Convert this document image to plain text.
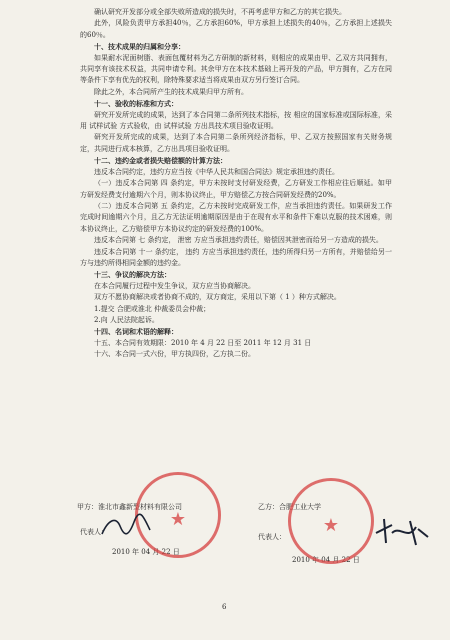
确认研究开发部分或全部失败所造成的损失时，不再考虑甲方和乙方的其它损失。

此外，风险负责甲方承担40％，乙方承担60%，甲方承担上述损失的40％，乙方承担上述损失的60％。

十、技术成果的归属和分享：

如果耐水泥面树脂、表面包覆材料为乙方研制的新材料，则相应的成果由甲、乙双方共同拥有，共同享有该技术权益，共同申请专利。其余甲方在本技术基础上再开发的产品，甲方拥有，乙方在同等条件下享有优先的权利，除特殊要求适当将成果由双方另行签订合同。

除此之外，本合同所产生的技术成果归甲方所有。

十一、验收的标准和方式：

研究开发所完成的成果，达到了本合同第二条所列技术指标，按 相应的国家标准或国际标准，采用 试样试验 方式验收，由 试样试验 方出具技术项目验收证明。

研究开发所完成的成果，达到了本合同第二条所列经济指标，甲、乙双方按照国家有关财务规定，共同进行成本核算，乙方出具项目验收证明。

十二、违约金或者损失赔偿额的计算方法：

违反本合同约定，违约方应当按《中华人民共和国合同法》规定承担违约责任。

（一）违反本合同第 四 条约定，甲方未按时支付研发经费，乙方研发工作相应往后顺延。如甲方研发经费支付逾期六个月，则本协议终止，甲方赔偿乙方按合同研发经费的20%。

（二）违反本合同第 五 条约定，乙方未按时完成研发工作，应当承担违约责任。如果研发工作完成时间逾期六个月，且乙方无法证明逾期原因是由于在现有水平和条件下难以克服的技术困难，则本协议终止，乙方赔偿甲方本协议约定的研发经费的100%。

违反本合同第 七 条约定， 泄密 方应当承担违约责任，赔偿因其泄密而给另一方造成的损失。

违反本合同第 十一 条约定， 违约 方应当承担违约责任，违约所得归另一方所有，并赔偿给另一方与违约所得相同金额的违约金。

十三、争议的解决方法：

在本合同履行过程中发生争议，双方应当协商解决。

双方不愿协商解决或者协商不成的，双方商定，采用以下第（ 1 ）种方式解决。

1.提交 合肥或淮北 仲裁委员会仲裁；

2.向 人民法院起诉。

十四、名词和术语的解释：

十五、本合同有效期限：2010 年 4 月 22 日至 2011 年 12 月 31 日

十六、本合同一式六份，甲方执四份，乙方执二份。

甲方：淮北市鑫新型材料有限公司	乙方：合肥工业大学
代表人：
代表人：
2010 年 04 月 22 日
2010 年 04 月 22 日
★	★
6
